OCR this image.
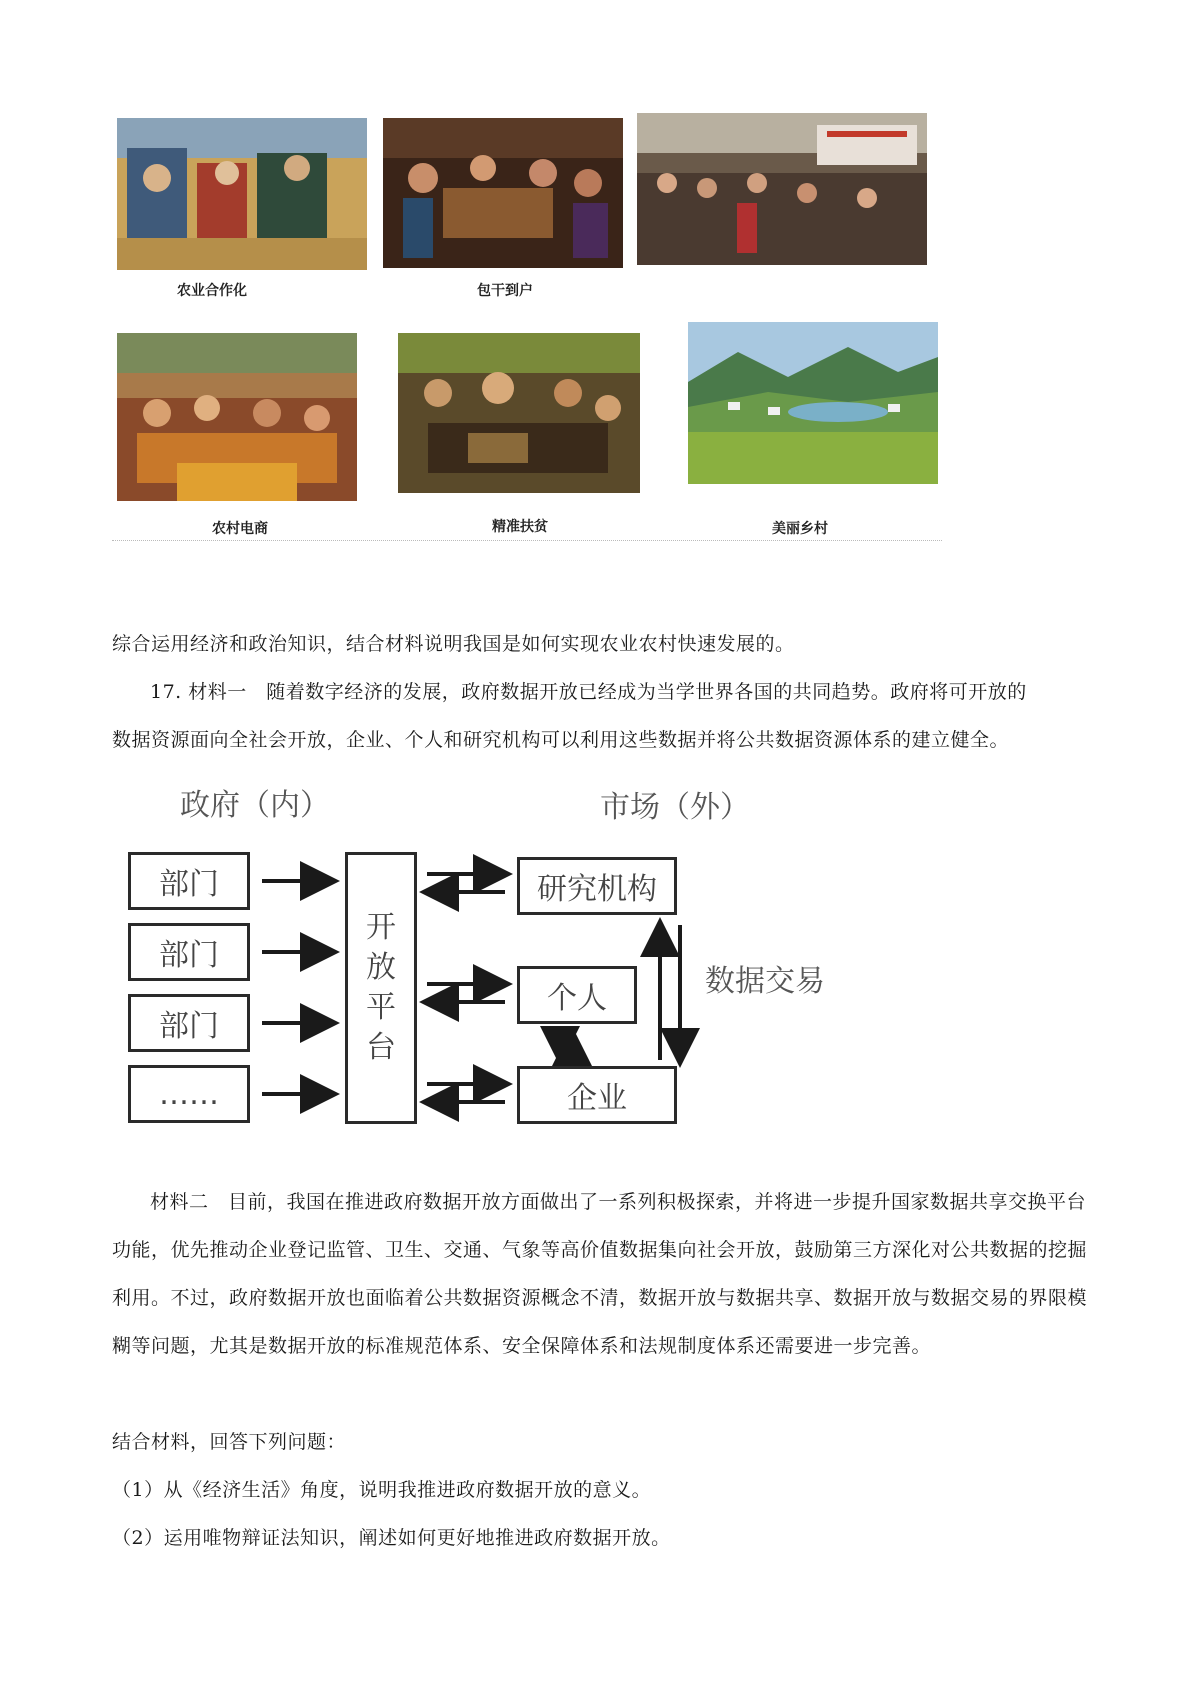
农业合作化	包干到户
农村电商	精准扶贫	美丽乡村
综合运用经济和政治知识，结合材料说明我国是如何实现农业农村快速发展的。
17. 材料一　随着数字经济的发展，政府数据开放已经成为当学世界各国的共同趋势。政府将可开放的
数据资源面向全社会开放，企业、个人和研究机构可以利用这些数据并将公共数据资源体系的建立健全。
政府（内）	市场（外）
部门
部门
部门
……
开
放
平
台
研究机构
个人
企业
数据交易
材料二　目前，我国在推进政府数据开放方面做出了一系列积极探索，并将进一步提升国家数据共享交换平台功能，优先推动企业登记监管、卫生、交通、气象等高价值数据集向社会开放，鼓励第三方深化对公共数据的挖掘利用。不过，政府数据开放也面临着公共数据资源概念不清，数据开放与数据共享、数据开放与数据交易的界限模糊等问题，尤其是数据开放的标准规范体系、安全保障体系和法规制度体系还需要进一步完善。
结合材料，回答下列问题：
（1）从《经济生活》角度，说明我推进政府数据开放的意义。
（2）运用唯物辩证法知识，阐述如何更好地推进政府数据开放。
